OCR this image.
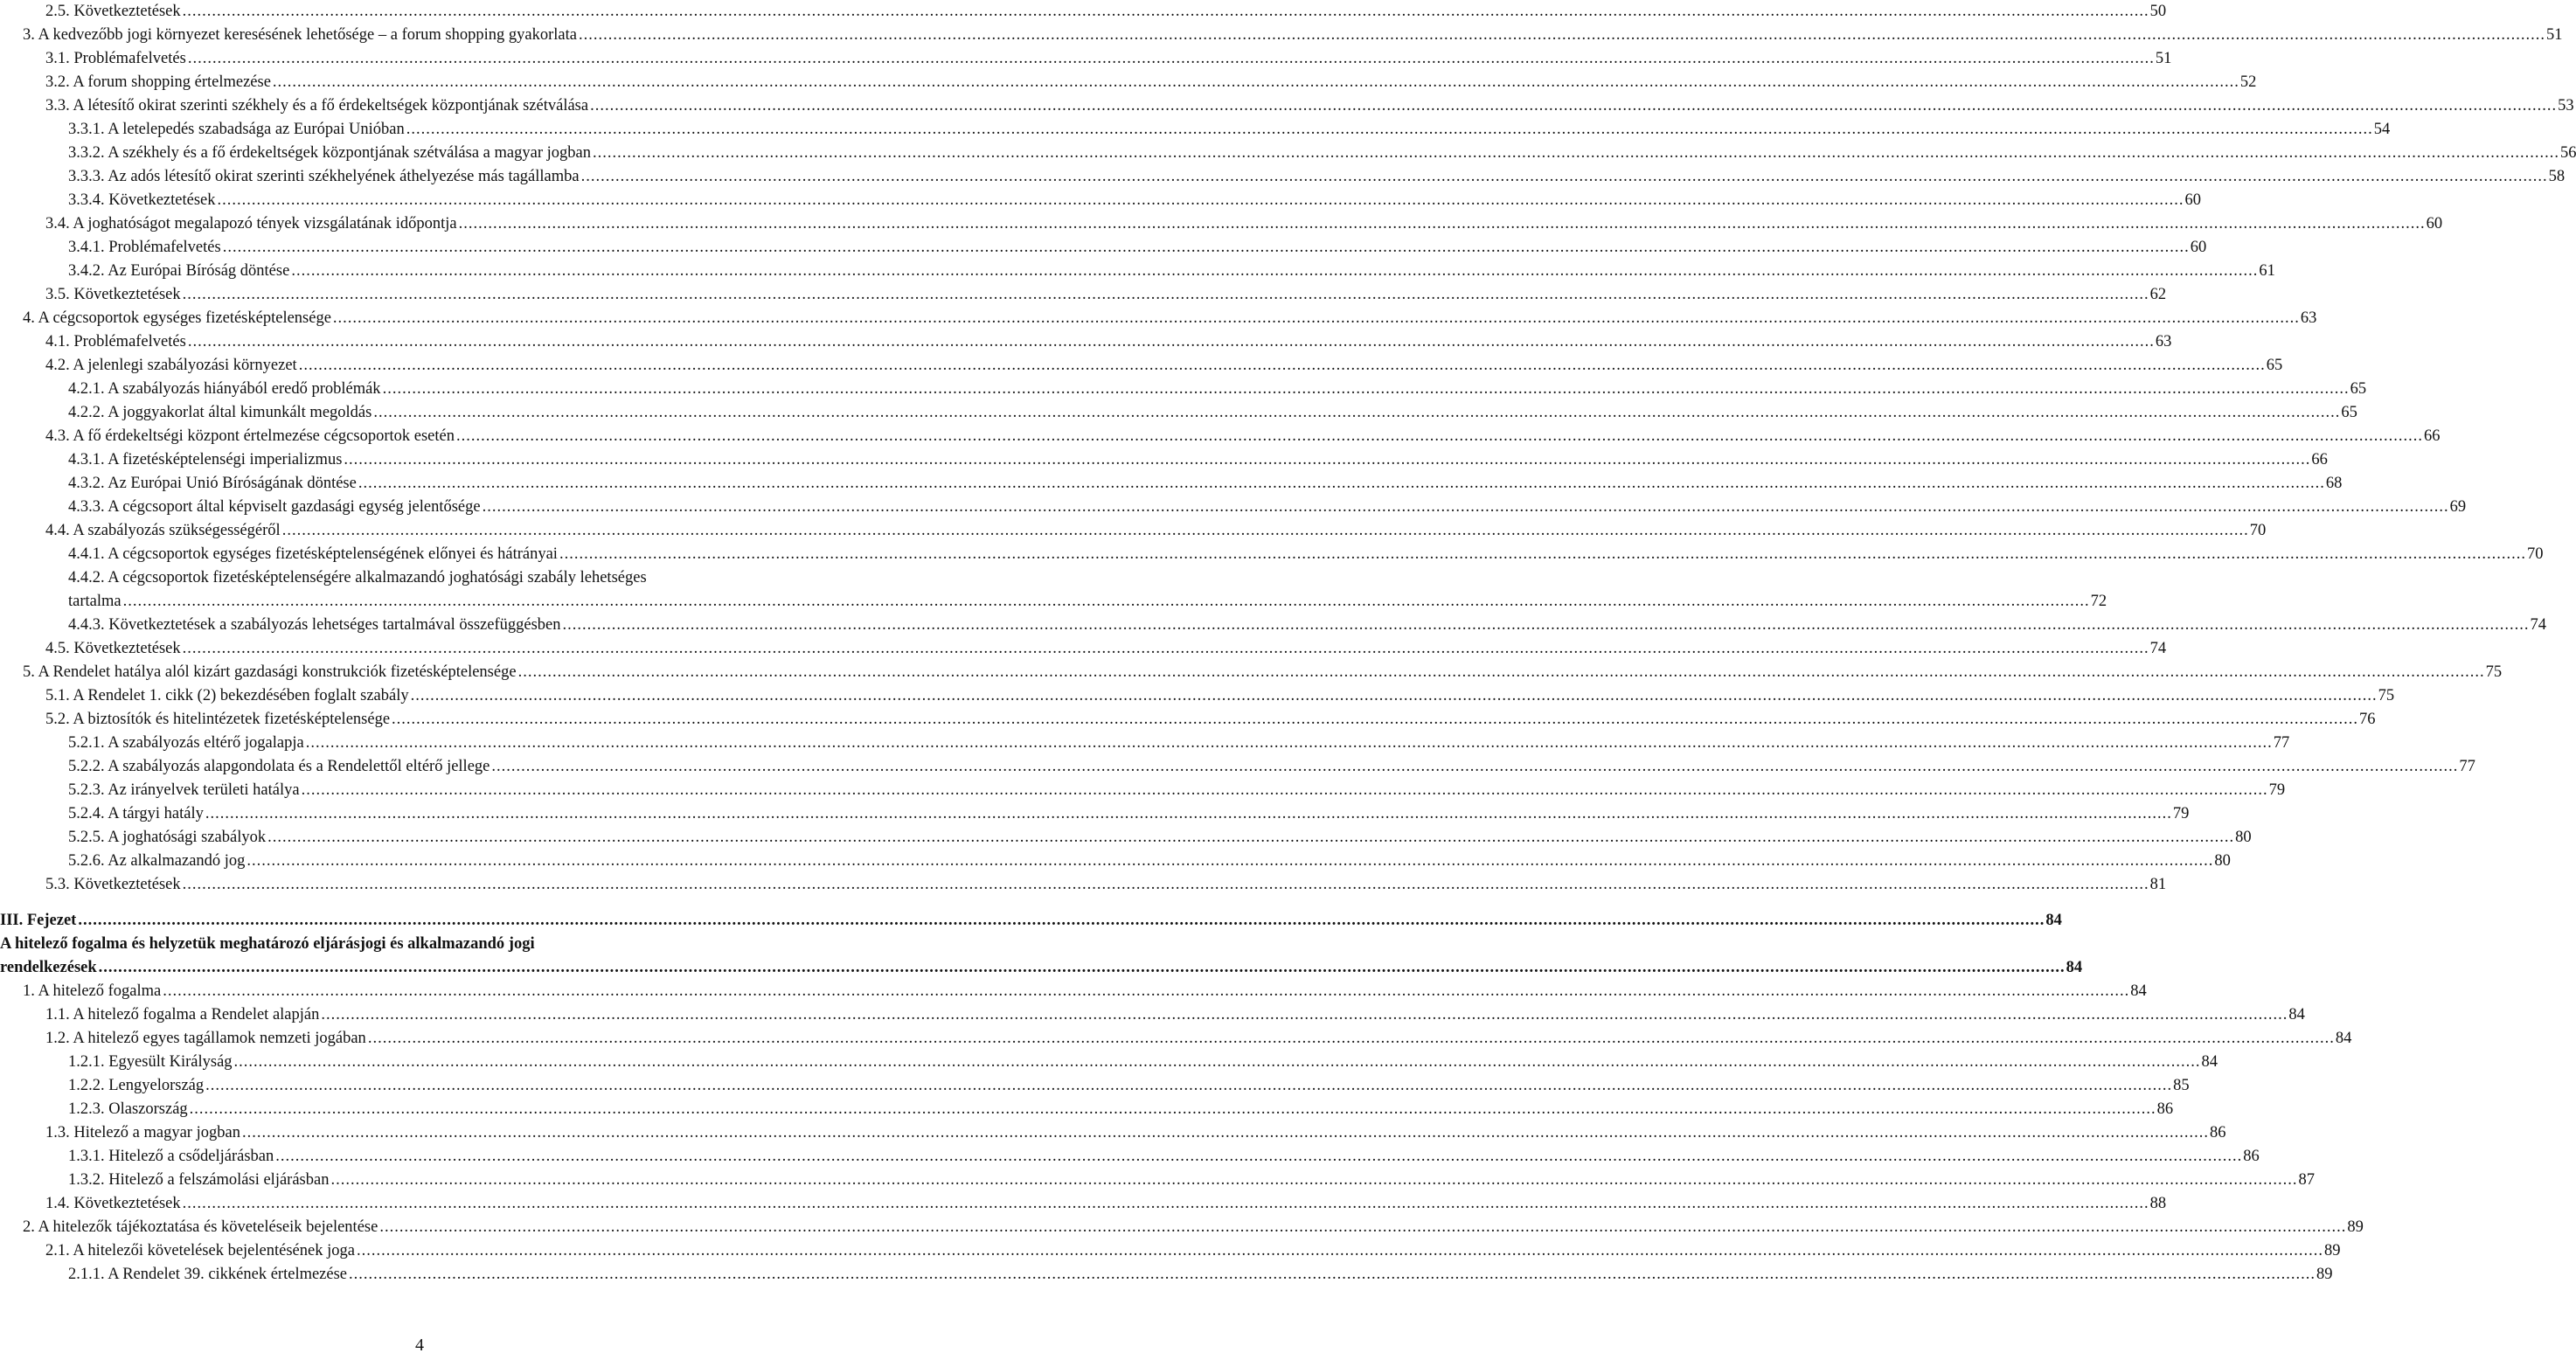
2.5. Következtetések ................................................................................................................................................................................................................................................................................................................................................................................................................ 50
3. A kedvezőbb jogi környezet keresésének lehetősége – a forum shopping gyakorlata ................................................................................................................................................................................................................................................................................................................................................................................................................ 51
3.1. Problémafelvetés ................................................................................................................................................................................................................................................................................................................................................................................................................ 51
3.2. A forum shopping értelmezése ................................................................................................................................................................................................................................................................................................................................................................................................................ 52
3.3. A létesítő okirat szerinti székhely és a fő érdekeltségek központjának szétválása ................................................................................................................................................................................................................................................................................................................................................................................................................ 53
3.3.1. A letelepedés szabadsága az Európai Unióban ................................................................................................................................................................................................................................................................................................................................................................................................................ 54
3.3.2. A székhely és a fő érdekeltségek központjának szétválása a magyar jogban ................................................................................................................................................................................................................................................................................................................................................................................................................ 56
3.3.3. Az adós létesítő okirat szerinti székhelyének áthelyezése más tagállamba ................................................................................................................................................................................................................................................................................................................................................................................................................ 58
3.3.4. Következtetések ................................................................................................................................................................................................................................................................................................................................................................................................................ 60
3.4. A joghatóságot megalapozó tények vizsgálatának időpontja ................................................................................................................................................................................................................................................................................................................................................................................................................ 60
3.4.1. Problémafelvetés ................................................................................................................................................................................................................................................................................................................................................................................................................ 60
3.4.2. Az Európai Bíróság döntése ................................................................................................................................................................................................................................................................................................................................................................................................................ 61
3.5. Következtetések ................................................................................................................................................................................................................................................................................................................................................................................................................ 62
4. A cégcsoportok egységes fizetésképtelensége ................................................................................................................................................................................................................................................................................................................................................................................................................ 63
4.1. Problémafelvetés ................................................................................................................................................................................................................................................................................................................................................................................................................ 63
4.2. A jelenlegi szabályozási környezet ................................................................................................................................................................................................................................................................................................................................................................................................................ 65
4.2.1. A szabályozás hiányából eredő problémák ................................................................................................................................................................................................................................................................................................................................................................................................................ 65
4.2.2. A joggyakorlat által kimunkált megoldás ................................................................................................................................................................................................................................................................................................................................................................................................................ 65
4.3. A fő érdekeltségi központ értelmezése cégcsoportok esetén ................................................................................................................................................................................................................................................................................................................................................................................................................ 66
4.3.1. A fizetésképtelenségi imperializmus ................................................................................................................................................................................................................................................................................................................................................................................................................ 66
4.3.2. Az Európai Unió Bíróságának döntése ................................................................................................................................................................................................................................................................................................................................................................................................................ 68
4.3.3. A cégcsoport által képviselt gazdasági egység jelentősége ................................................................................................................................................................................................................................................................................................................................................................................................................ 69
4.4. A szabályozás szükségességéről ................................................................................................................................................................................................................................................................................................................................................................................................................ 70
4.4.1. A cégcsoportok egységes fizetésképtelenségének előnyei és hátrányai ................................................................................................................................................................................................................................................................................................................................................................................................................ 70
4.4.2. A cégcsoportok fizetésképtelenségére alkalmazandó joghatósági szabály lehetséges
tartalma ................................................................................................................................................................................................................................................................................................................................................................................................................ 72
4.4.3. Következtetések a szabályozás lehetséges tartalmával összefüggésben ................................................................................................................................................................................................................................................................................................................................................................................................................ 74
4.5. Következtetések ................................................................................................................................................................................................................................................................................................................................................................................................................ 74
5. A Rendelet hatálya alól kizárt gazdasági konstrukciók fizetésképtelensége ................................................................................................................................................................................................................................................................................................................................................................................................................ 75
5.1. A Rendelet 1. cikk (2) bekezdésében foglalt szabály ................................................................................................................................................................................................................................................................................................................................................................................................................ 75
5.2. A biztosítók és hitelintézetek fizetésképtelensége ................................................................................................................................................................................................................................................................................................................................................................................................................ 76
5.2.1. A szabályozás eltérő jogalapja ................................................................................................................................................................................................................................................................................................................................................................................................................ 77
5.2.2. A szabályozás alapgondolata és a Rendelettől eltérő jellege ................................................................................................................................................................................................................................................................................................................................................................................................................ 77
5.2.3. Az irányelvek területi hatálya ................................................................................................................................................................................................................................................................................................................................................................................................................ 79
5.2.4. A tárgyi hatály ................................................................................................................................................................................................................................................................................................................................................................................................................ 79
5.2.5. A joghatósági szabályok ................................................................................................................................................................................................................................................................................................................................................................................................................ 80
5.2.6. Az alkalmazandó jog ................................................................................................................................................................................................................................................................................................................................................................................................................ 80
5.3. Következtetések ................................................................................................................................................................................................................................................................................................................................................................................................................ 81
III. Fejezet ................................................................................................................................................................................................................................................................................................................................................................................................................ 84
A hitelező fogalma és helyzetük meghatározó eljárásjogi és alkalmazandó jogi
rendelkezések ................................................................................................................................................................................................................................................................................................................................................................................................................ 84
1. A hitelező fogalma ................................................................................................................................................................................................................................................................................................................................................................................................................ 84
1.1. A hitelező fogalma a Rendelet alapján ................................................................................................................................................................................................................................................................................................................................................................................................................ 84
1.2. A hitelező egyes tagállamok nemzeti jogában ................................................................................................................................................................................................................................................................................................................................................................................................................ 84
1.2.1. Egyesült Királyság ................................................................................................................................................................................................................................................................................................................................................................................................................ 84
1.2.2. Lengyelország ................................................................................................................................................................................................................................................................................................................................................................................................................ 85
1.2.3. Olaszország ................................................................................................................................................................................................................................................................................................................................................................................................................ 86
1.3. Hitelező a magyar jogban ................................................................................................................................................................................................................................................................................................................................................................................................................ 86
1.3.1. Hitelező a csődeljárásban ................................................................................................................................................................................................................................................................................................................................................................................................................ 86
1.3.2. Hitelező a felszámolási eljárásban ................................................................................................................................................................................................................................................................................................................................................................................................................ 87
1.4. Következtetések ................................................................................................................................................................................................................................................................................................................................................................................................................ 88
2. A hitelezők tájékoztatása és követeléseik bejelentése ................................................................................................................................................................................................................................................................................................................................................................................................................ 89
2.1. A hitelezői követelések bejelentésének joga ................................................................................................................................................................................................................................................................................................................................................................................................................ 89
2.1.1. A Rendelet 39. cikkének értelmezése ................................................................................................................................................................................................................................................................................................................................................................................................................ 89
4
